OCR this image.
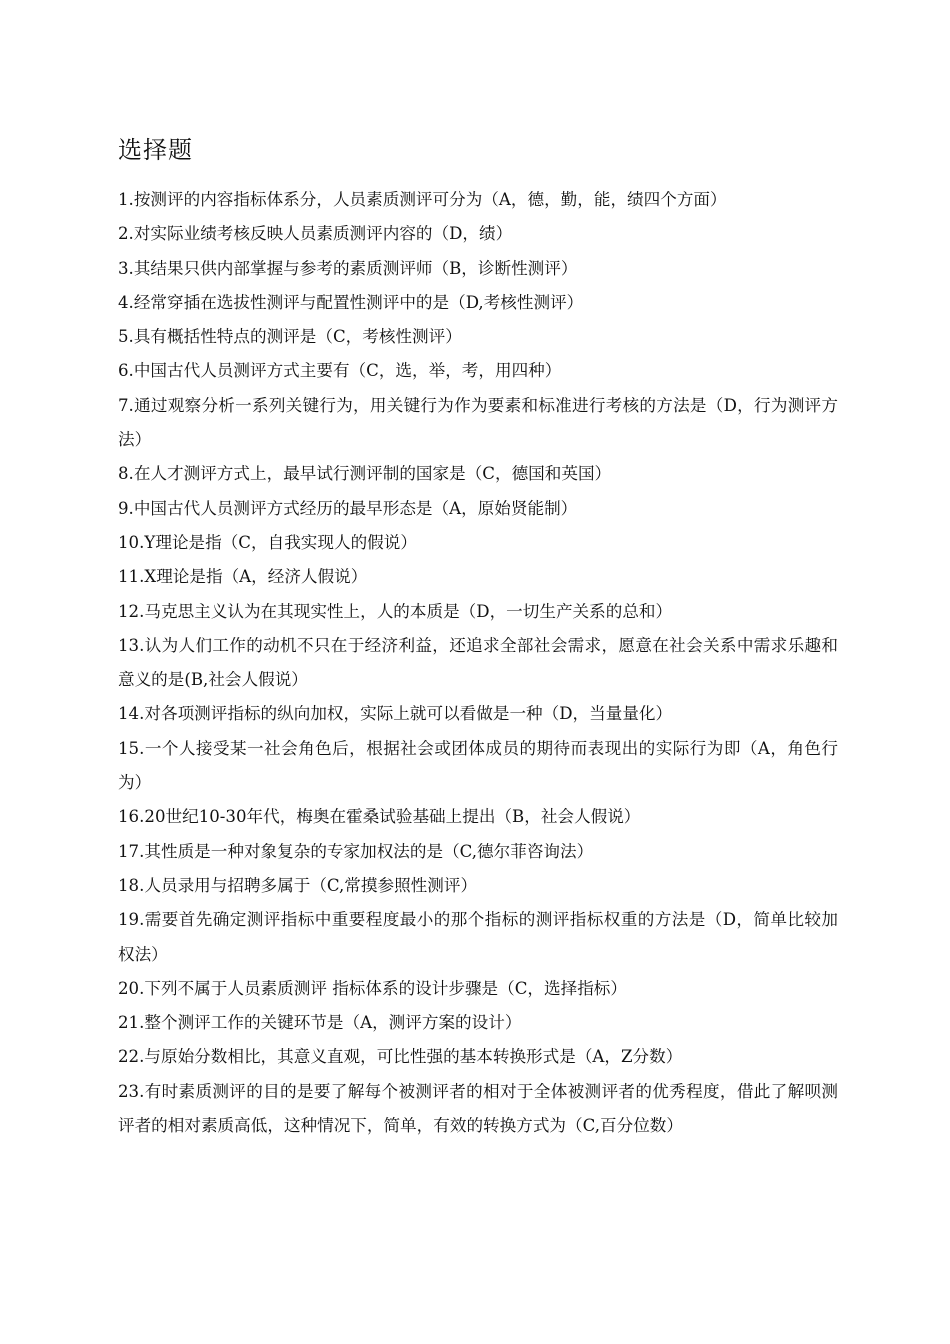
选择题
1.按测评的内容指标体系分，人员素质测评可分为（A，德，勤，能，绩四个方面）
2.对实际业绩考核反映人员素质测评内容的（D，绩）
3.其结果只供内部掌握与参考的素质测评师（B，诊断性测评）
4.经常穿插在选拔性测评与配置性测评中的是（D,考核性测评）
5.具有概括性特点的测评是（C，考核性测评）
6.中国古代人员测评方式主要有（C，选，举，考，用四种）
7.通过观察分析一系列关键行为，用关键行为作为要素和标准进行考核的方法是（D，行为测评方法）
8.在人才测评方式上，最早试行测评制的国家是（C，德国和英国）
9.中国古代人员测评方式经历的最早形态是（A，原始贤能制）
10.Y理论是指（C，自我实现人的假说）
11.X理论是指（A，经济人假说）
12.马克思主义认为在其现实性上，人的本质是（D，一切生产关系的总和）
13.认为人们工作的动机不只在于经济利益，还追求全部社会需求，愿意在社会关系中需求乐趣和意义的是(B,社会人假说）
14.对各项测评指标的纵向加权，实际上就可以看做是一种（D，当量量化）
15.一个人接受某一社会角色后，根据社会或团体成员的期待而表现出的实际行为即（A，角色行为）
16.20世纪10-30年代，梅奥在霍桑试验基础上提出（B，社会人假说）
17.其性质是一种对象复杂的专家加权法的是（C,德尔菲咨询法）
18.人员录用与招聘多属于（C,常摸参照性测评）
19.需要首先确定测评指标中重要程度最小的那个指标的测评指标权重的方法是（D，简单比较加权法）
20.下列不属于人员素质测评 指标体系的设计步骤是（C，选择指标）
21.整个测评工作的关键环节是（A，测评方案的设计）
22.与原始分数相比，其意义直观，可比性强的基本转换形式是（A，Z分数）
23.有时素质测评的目的是要了解每个被测评者的相对于全体被测评者的优秀程度，借此了解呗测评者的相对素质高低，这种情况下，简单，有效的转换方式为（C,百分位数）
